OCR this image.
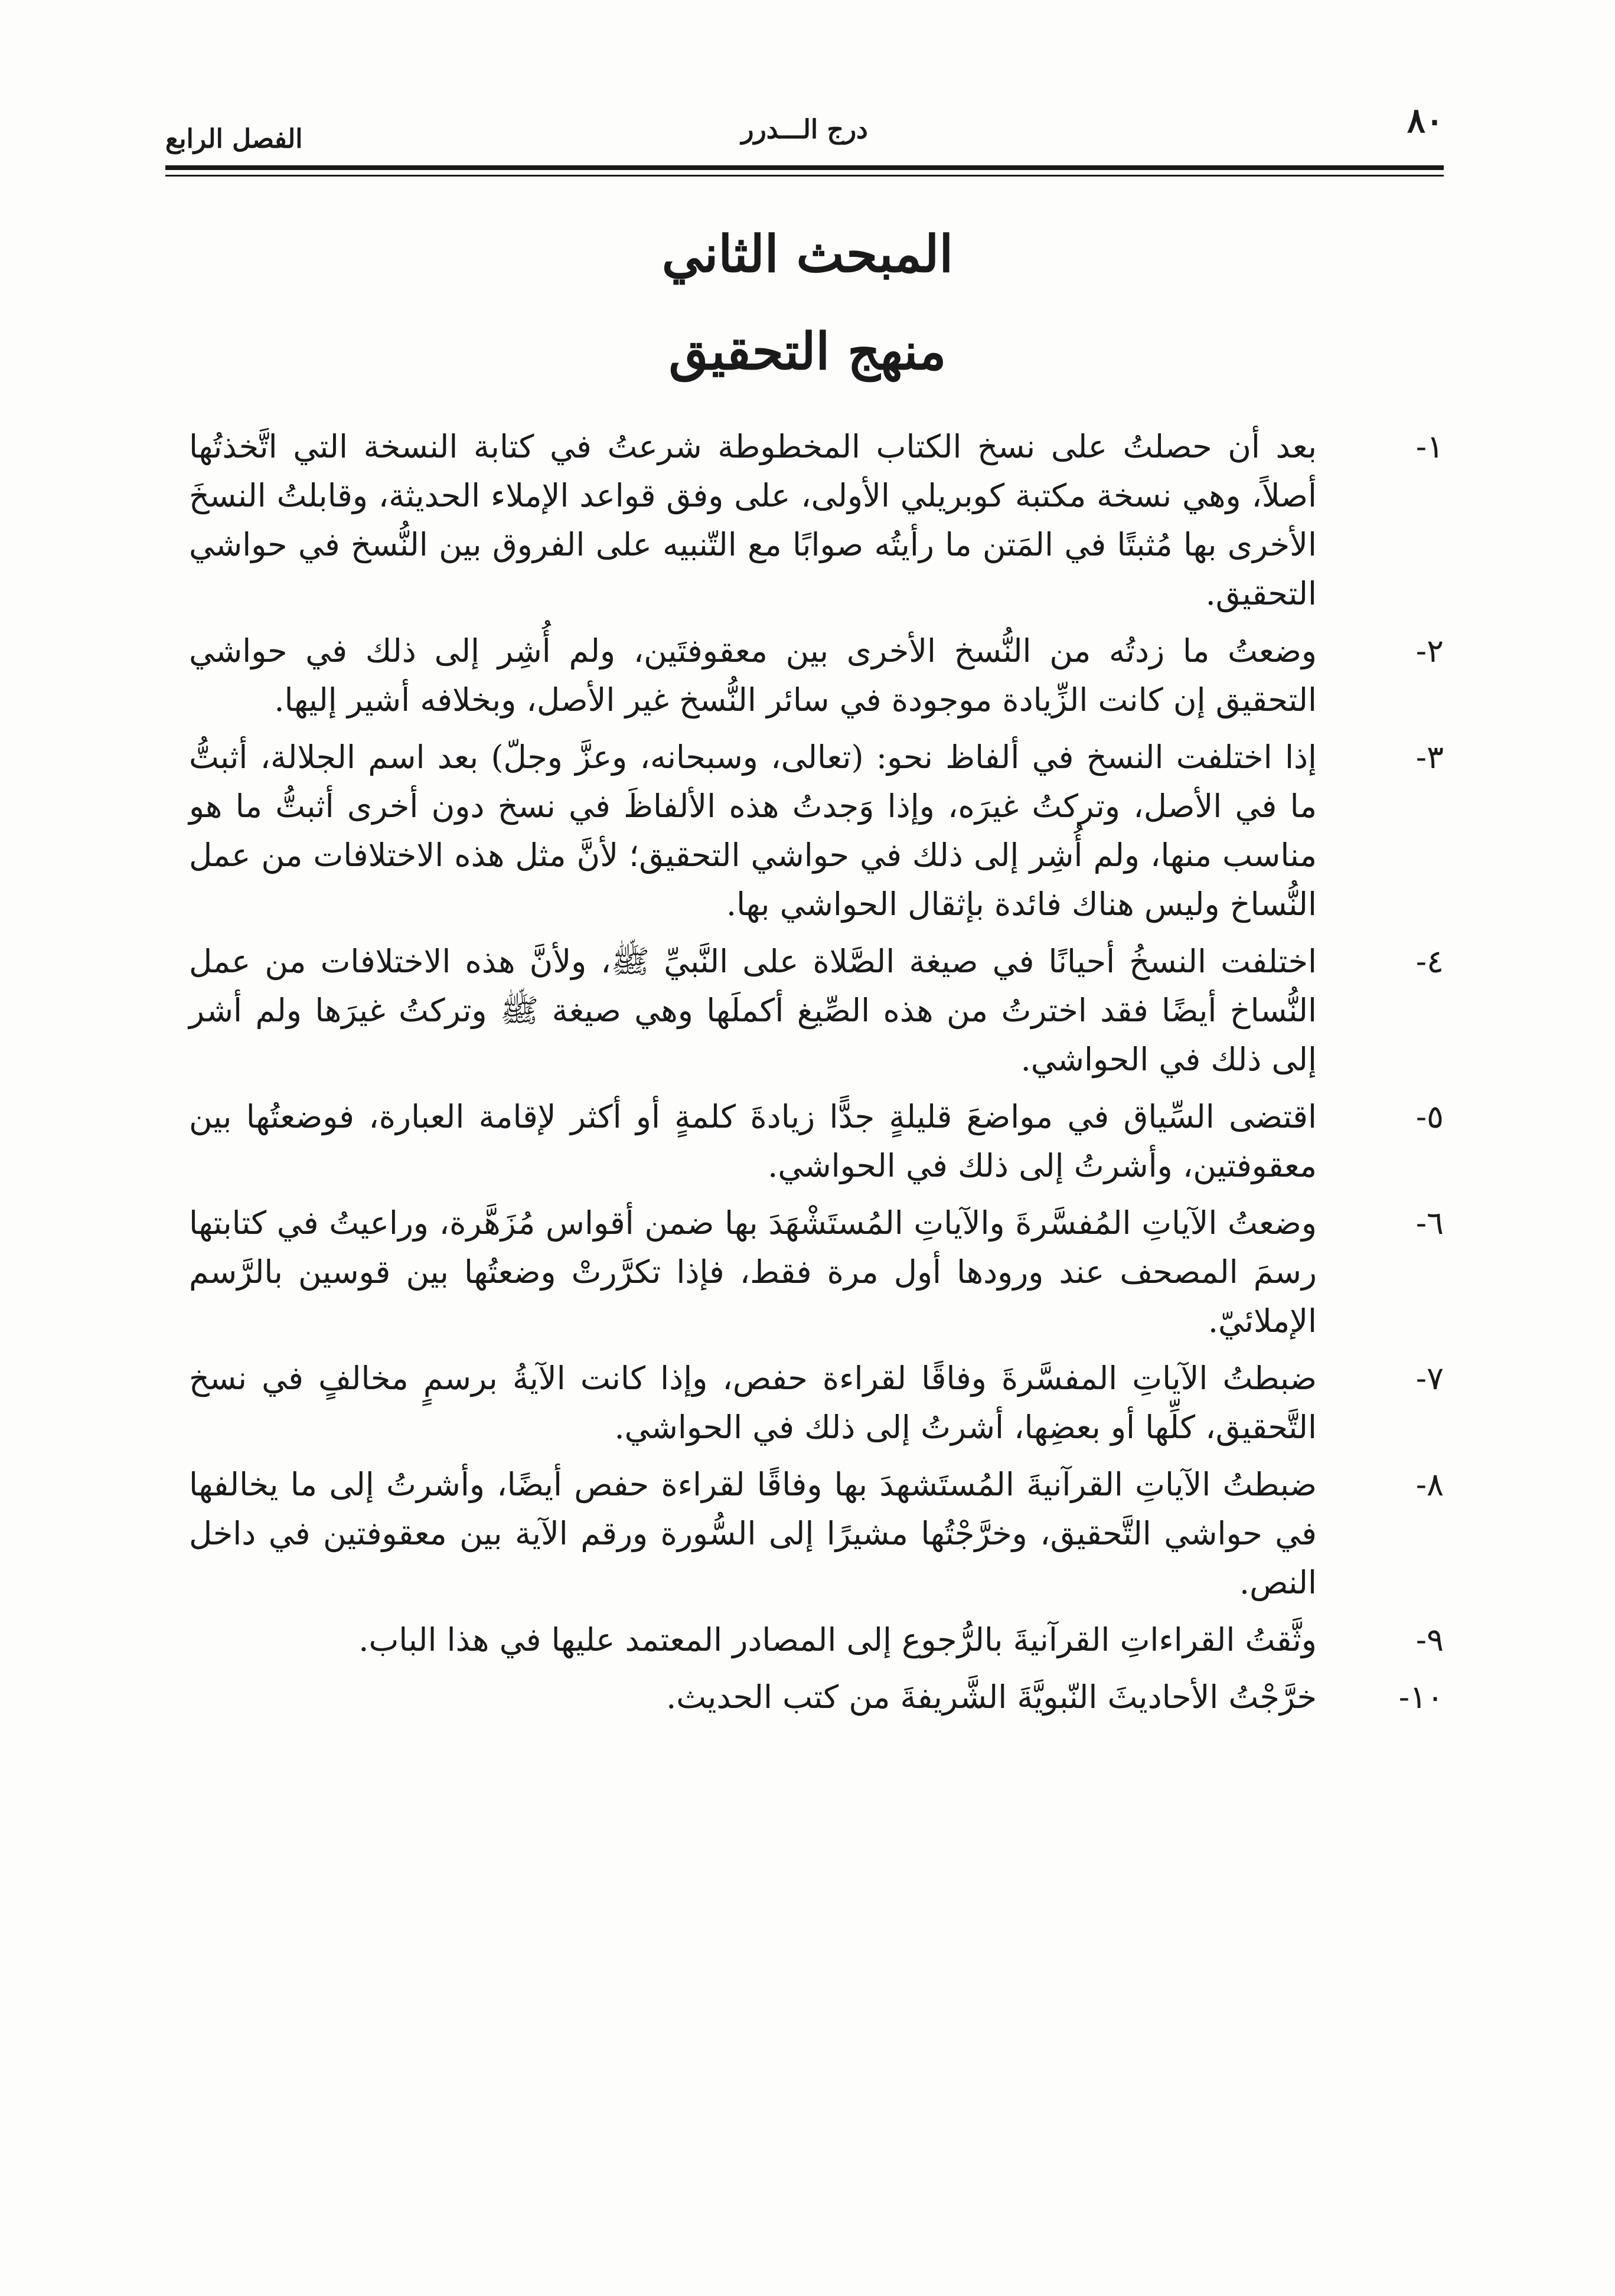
٨٠
درج الـــدرر
الفصل الرابع
المبحث الثاني
منهج التحقيق
١-
بعد أن حصلتُ على نسخ الكتاب المخطوطة شرعتُ في كتابة النسخة التي اتَّخذتُها أصلاً، وهي نسخة مكتبة كوبريلي الأولى، على وفق قواعد الإملاء الحديثة، وقابلتُ النسخَ الأخرى بها مُثبتًا في المَتن ما رأيتُه صوابًا مع التّنبيه على الفروق بين النُّسخ في حواشي التحقيق.
٢-
وضعتُ ما زدتُه من النُّسخ الأخرى بين معقوفتَين، ولم أُشِر إلى ذلك في حواشي التحقيق إن كانت الزِّيادة موجودة في سائر النُّسخ غير الأصل، وبخلافه أشير إليها.
٣-
إذا اختلفت النسخ في ألفاظ نحو: (تعالى، وسبحانه، وعزَّ وجلّ) بعد اسم الجلالة، أثبتُّ ما في الأصل، وتركتُ غيرَه، وإذا وَجدتُ هذه الألفاظَ في نسخ دون أخرى أثبتُّ ما هو مناسب منها، ولم أُشِر إلى ذلك في حواشي التحقيق؛ لأنَّ مثل هذه الاختلافات من عمل النُّساخ وليس هناك فائدة بإثقال الحواشي بها.
٤-
اختلفت النسخُ أحيانًا في صيغة الصَّلاة على النَّبيِّ ﷺ، ولأنَّ هذه الاختلافات من عمل النُّساخ أيضًا فقد اخترتُ من هذه الصِّيغ أكملَها وهي صيغة ﷺ وتركتُ غيرَها ولم أشر إلى ذلك في الحواشي.
٥-
اقتضى السِّياق في مواضعَ قليلةٍ جدًّا زيادةَ كلمةٍ أو أكثر لإقامة العبارة، فوضعتُها بين معقوفتين، وأشرتُ إلى ذلك في الحواشي.
٦-
وضعتُ الآياتِ المُفسَّرةَ والآياتِ المُستَشْهَدَ بها ضمن أقواس مُزَهَّرة، وراعيتُ في كتابتها رسمَ المصحف عند ورودها أول مرة فقط، فإذا تكرَّرتْ وضعتُها بين قوسين بالرَّسم الإملائيّ.
٧-
ضبطتُ الآياتِ المفسَّرةَ وفاقًا لقراءة حفص، وإذا كانت الآيةُ برسمٍ مخالفٍ في نسخ التَّحقيق، كلِّها أو بعضِها، أشرتُ إلى ذلك في الحواشي.
٨-
ضبطتُ الآياتِ القرآنيةَ المُستَشهدَ بها وفاقًا لقراءة حفص أيضًا، وأشرتُ إلى ما يخالفها في حواشي التَّحقيق، وخرَّجْتُها مشيرًا إلى السُّورة ورقم الآية بين معقوفتين في داخل النص.
٩-
وثَّقتُ القراءاتِ القرآنيةَ بالرُّجوع إلى المصادر المعتمد عليها في هذا الباب.
١٠-
خرَّجْتُ الأحاديثَ النّبويَّةَ الشَّريفةَ من كتب الحديث.
